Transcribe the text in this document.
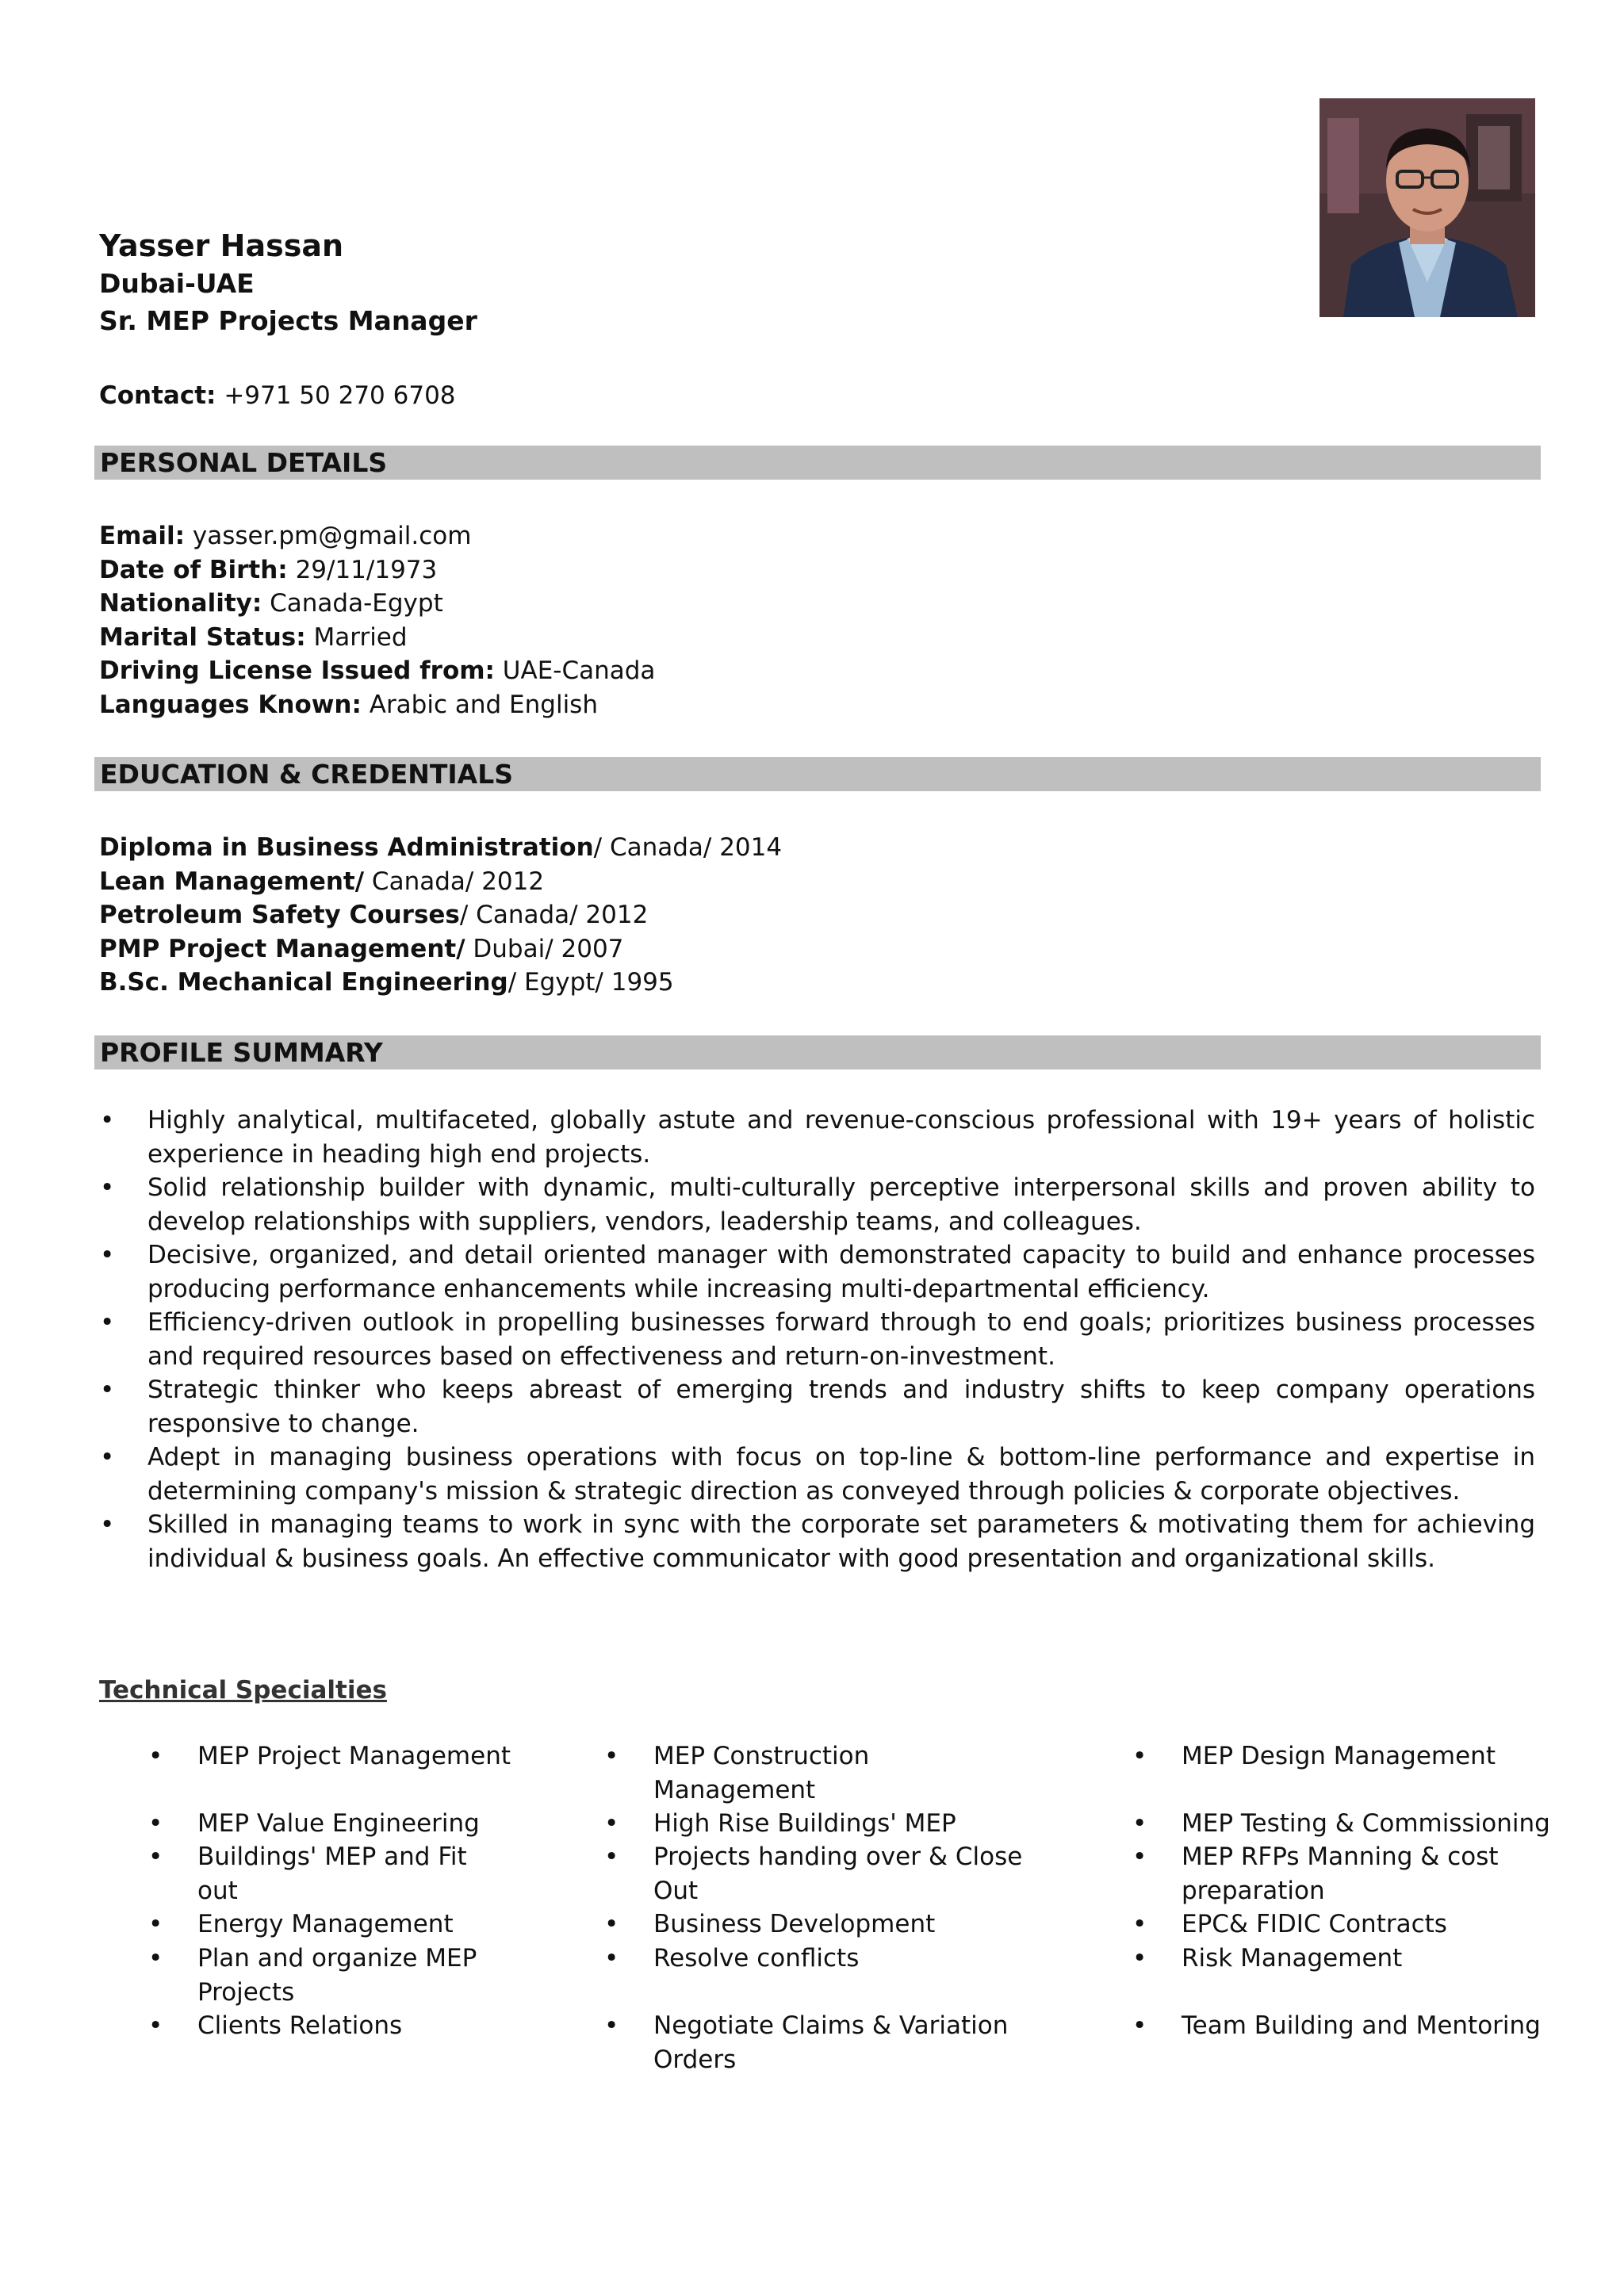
Yasser Hassan
Dubai-UAE
Sr. MEP Projects Manager
Contact: +971 50 270 6708
PERSONAL DETAILS
Email: yasser.pm@gmail.com
Date of Birth: 29/11/1973
Nationality: Canada-Egypt
Marital Status: Married
Driving License Issued from: UAE-Canada
Languages Known: Arabic and English
EDUCATION & CREDENTIALS
Diploma in Business Administration/ Canada/ 2014
Lean Management/ Canada/ 2012
Petroleum Safety Courses/ Canada/ 2012
PMP Project Management/ Dubai/ 2007
B.Sc. Mechanical Engineering/ Egypt/ 1995
PROFILE SUMMARY
• Highly analytical, multifaceted, globally astute and revenue-conscious professional with 19+ years of holistic experience in heading high end projects.
• Solid relationship builder with dynamic, multi-culturally perceptive interpersonal skills and proven ability to develop relationships with suppliers, vendors, leadership teams, and colleagues.
• Decisive, organized, and detail oriented manager with demonstrated capacity to build and enhance processes producing performance enhancements while increasing multi-departmental efficiency.
• Efficiency-driven outlook in propelling businesses forward through to end goals; prioritizes business processes and required resources based on effectiveness and return-on-investment.
• Strategic thinker who keeps abreast of emerging trends and industry shifts to keep company operations responsive to change.
• Adept in managing business operations with focus on top-line & bottom-line performance and expertise in determining company's mission & strategic direction as conveyed through policies & corporate objectives.
• Skilled in managing teams to work in sync with the corporate set parameters & motivating them for achieving individual & business goals. An effective communicator with good presentation and organizational skills.
Technical Specialties
• MEP Project Management
• MEP Value Engineering
• Buildings' MEP and Fit out
• Energy Management
• Plan and organize MEP Projects
• Clients Relations
• MEP Construction Management
• High Rise Buildings' MEP
• Projects handing over & Close Out
• Business Development
• Resolve conflicts
• Negotiate Claims & Variation Orders
• MEP Design Management
• MEP Testing & Commissioning
• MEP RFPs Manning & cost preparation
• EPC& FIDIC Contracts
• Risk Management
• Team Building and Mentoring
